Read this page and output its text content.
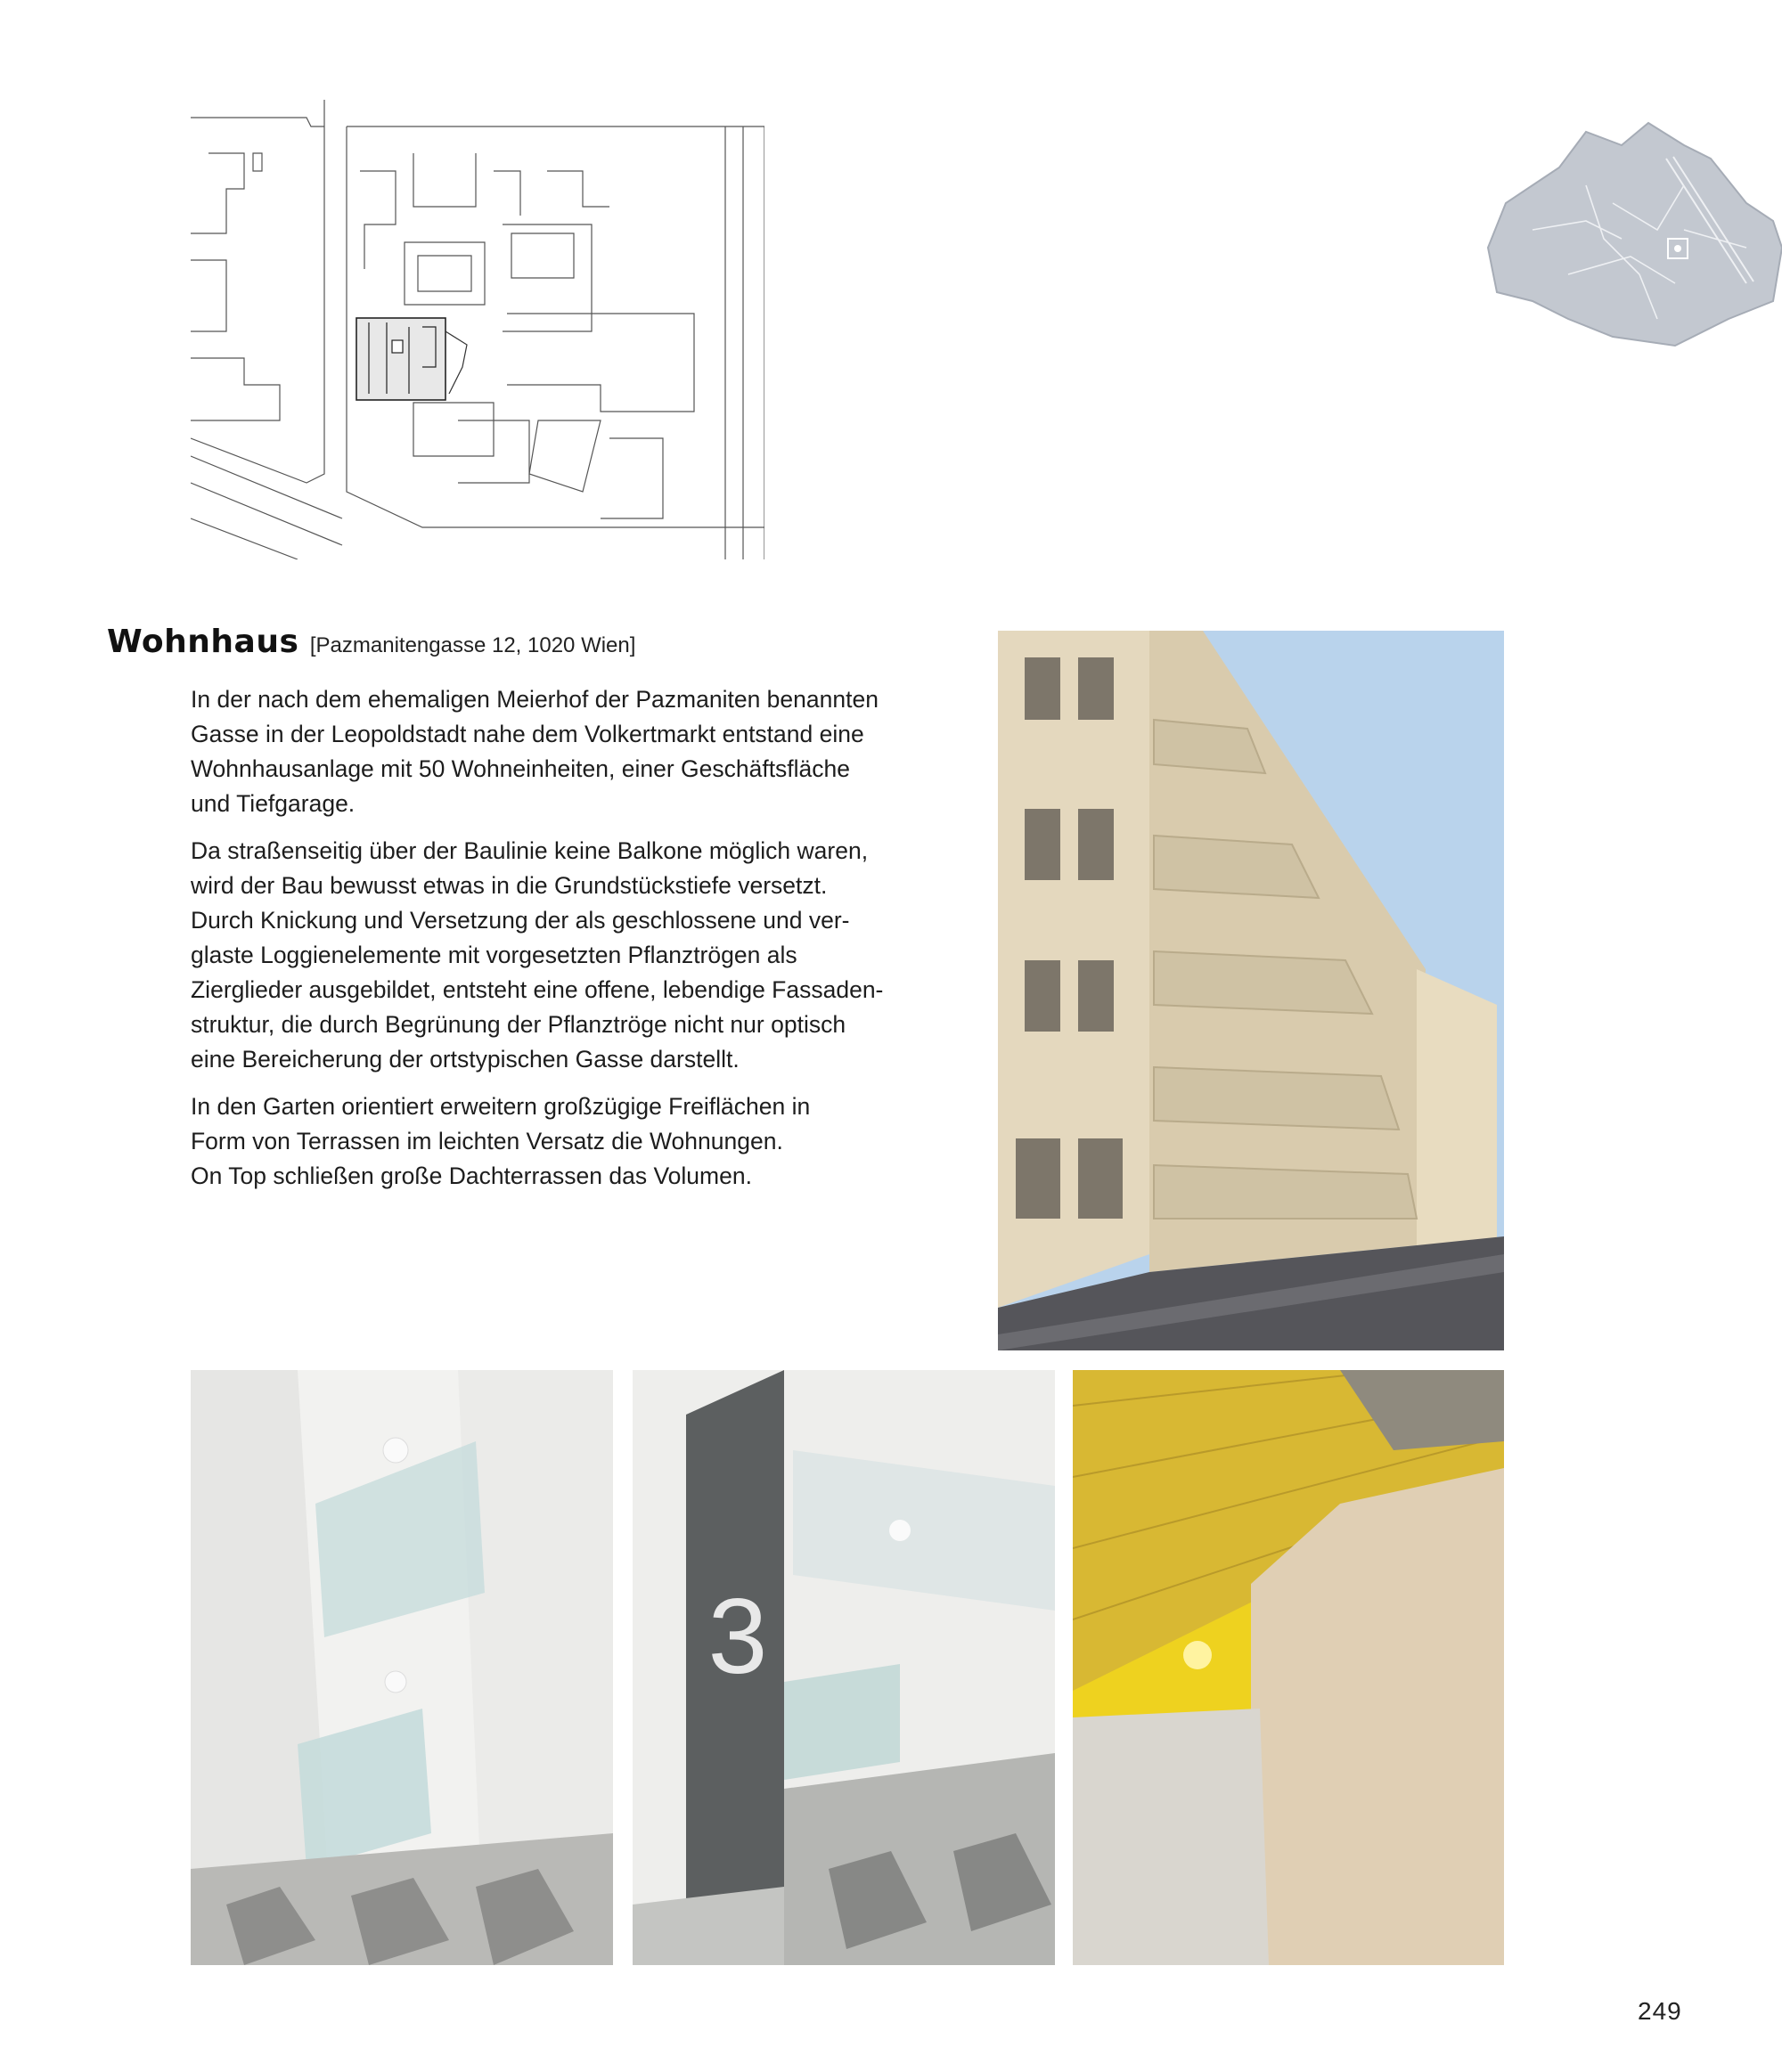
Wohnhaus [Pazmanitengasse 12, 1020 Wien]

In der nach dem ehemaligen Meierhof der Pazmaniten benannten
Gasse in der Leopoldstadt nahe dem Volkertmarkt entstand eine
Wohnhausanlage mit 50 Wohneinheiten, einer Geschäftsfläche
und Tiefgarage.

Da straßenseitig über der Baulinie keine Balkone möglich waren,
wird der Bau bewusst etwas in die Grundstückstiefe versetzt.
Durch Knickung und Versetzung der als geschlossene und ver-
glaste Loggienelemente mit vorgesetzten Pflanztrögen als
Zierglieder ausgebildet, entsteht eine offene, lebendige Fassaden-
struktur, die durch Begrünung der Pflanztröge nicht nur optisch
eine Bereicherung der ortstypischen Gasse darstellt.

In den Garten orientiert erweitern großzügige Freiflächen in
Form von Terrassen im leichten Versatz die Wohnungen.
On Top schließen große Dachterrassen das Volumen.

3
249
